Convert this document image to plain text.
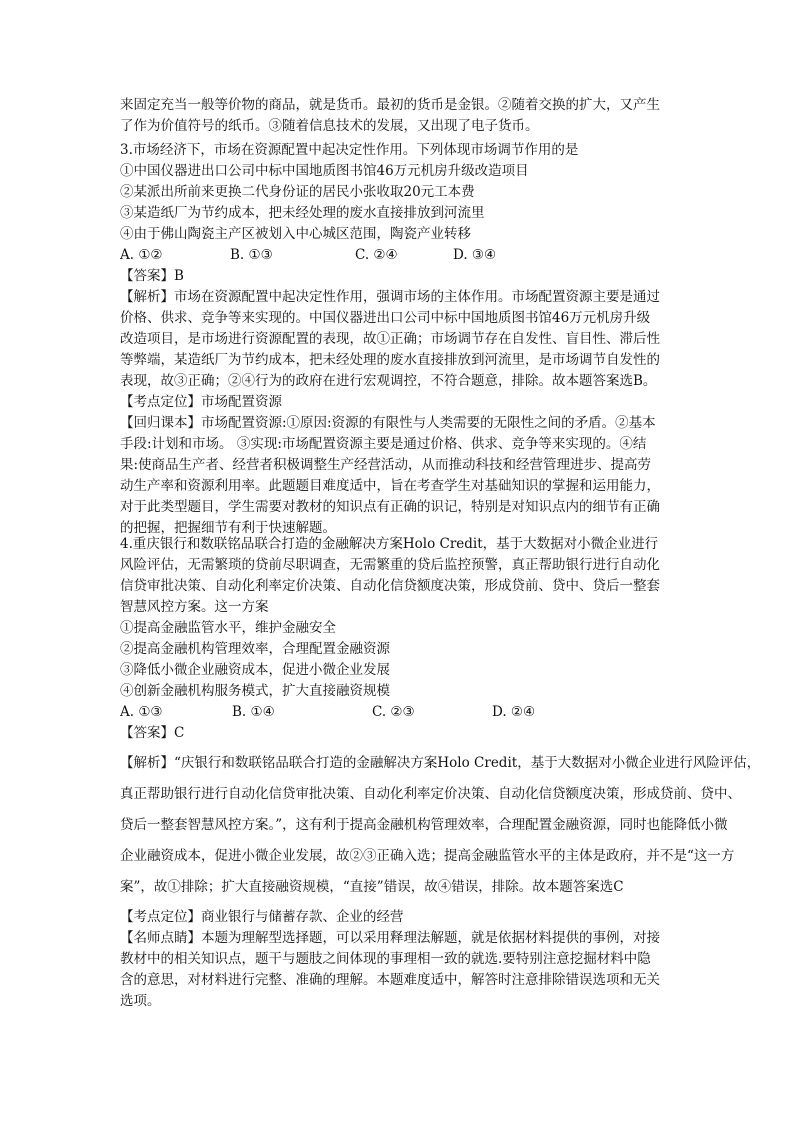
来固定充当一般等价物的商品，就是货币。最初的货币是金银。②随着交换的扩大，又产生
了作为价值符号的纸币。③随着信息技术的发展，又出现了电子货币。
3.市场经济下，市场在资源配置中起决定性作用。下列体现市场调节作用的是
①中国仪器进出口公司中标中国地质图书馆46万元机房升级改造项目
②某派出所前来更换二代身份证的居民小张收取20元工本费
③某造纸厂为节约成本，把未经处理的废水直接排放到河流里
④由于佛山陶瓷主产区被划入中心城区范围，陶瓷产业转移
A. ①②	B. ①③	C. ②④	D. ③④
【答案】B
【解析】市场在资源配置中起决定性作用，强调市场的主体作用。市场配置资源主要是通过
价格、供求、竞争等来实现的。中国仪器进出口公司中标中国地质图书馆46万元机房升级
改造项目，是市场进行资源配置的表现，故①正确；市场调节存在自发性、盲目性、滞后性
等弊端，某造纸厂为节约成本，把未经处理的废水直接排放到河流里，是市场调节自发性的
表现，故③正确；②④行为的政府在进行宏观调控，不符合题意，排除。故本题答案选B。
【考点定位】市场配置资源
【回归课本】市场配置资源:①原因:资源的有限性与人类需要的无限性之间的矛盾。②基本
手段:计划和市场。 ③实现:市场配置资源主要是通过价格、供求、竞争等来实现的。④结
果:使商品生产者、经营者积极调整生产经营活动，从而推动科技和经营管理进步、提高劳
动生产率和资源利用率。此题题目难度适中，旨在考查学生对基础知识的掌握和运用能力，
对于此类型题目，学生需要对教材的知识点有正确的识记，特别是对知识点内的细节有正确
的把握，把握细节有利于快速解题。
4.重庆银行和数联铭品联合打造的金融解决方案Holo Credit，基于大数据对小微企业进行
风险评估，无需繁琐的贷前尽职调查，无需繁重的贷后监控预警，真正帮助银行进行自动化
信贷审批决策、自动化利率定价决策、自动化信贷额度决策，形成贷前、贷中、贷后一整套
智慧风控方案。这一方案
①提高金融监管水平，维护金融安全
②提高金融机构管理效率，合理配置金融资源
③降低小微企业融资成本，促进小微企业发展
④创新金融机构服务模式，扩大直接融资规模
A. ①③	B. ①④	C. ②③	D. ②④
【答案】C
【解析】“庆银行和数联铭品联合打造的金融解决方案Holo Credit，基于大数据对小微企业进行风险评估，
真正帮助银行进行自动化信贷审批决策、自动化利率定价决策、自动化信贷额度决策，形成贷前、贷中、
贷后一整套智慧风控方案。”，这有利于提高金融机构管理效率，合理配置金融资源，同时也能降低小微
企业融资成本，促进小微企业发展，故②③正确入选；提高金融监管水平的主体是政府，并不是“这一方
案”，故①排除；扩大直接融资规模，“直接”错误，故④错误，排除。故本题答案选C
【考点定位】商业银行与储蓄存款、企业的经营
【名师点睛】本题为理解型选择题，可以采用释理法解题，就是依据材料提供的事例，对接
教材中的相关知识点，题干与题肢之间体现的事理相一致的就选.要特别注意挖掘材料中隐
含的意思，对材料进行完整、准确的理解。本题难度适中，解答时注意排除错误选项和无关
选项。
